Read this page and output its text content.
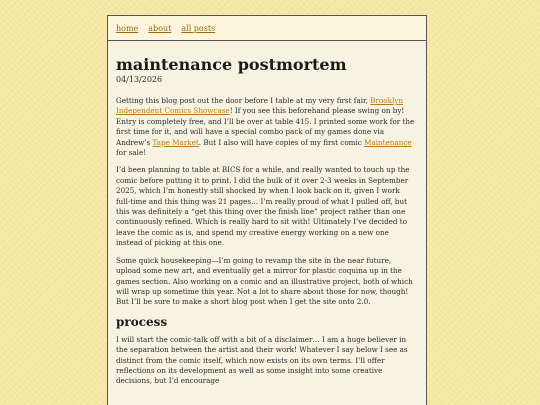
home about all posts
maintenance postmortem
04/13/2026

Getting this blog post out the door before I table at my very first fair, Brooklyn Independent Comics Showcase! If you see this beforehand please swing on by! Entry is completely free, and I’ll be over at table 415. I printed some work for the first time for it, and will have a special combo pack of my games done via Andrew’s Tape Market. But I also will have copies of my first comic Maintenance for sale!

I’d been planning to table at BICS for a while, and really wanted to touch up the comic before putting it to print. I did the bulk of it over 2-3 weeks in September 2025, which I’m honestly still shocked by when I look back on it, given I work full-time and this thing was 21 pages… I’m really proud of what I pulled off, but this was definitely a “get this thing over the finish line” project rather than one continuously refined. Which is really hard to sit with! Ultimately I’ve decided to leave the comic as is, and spend my creative energy working on a new one instead of picking at this one.

Some quick housekeeping—I’m going to revamp the site in the near future, upload some new art, and eventually get a mirror for plastic coquina up in the games section. Also working on a comic and an illustrative project, both of which will wrap up sometime this year. Not a lot to share about those for now, though! But I’ll be sure to make a short blog post when I get the site onto 2.0.

process

I will start the comic-talk off with a bit of a disclaimer… I am a huge believer in the separation between the artist and their work! Whatever I say below I see as distinct from the comic itself, which now exists on its own terms. I’ll offer reflections on its development as well as some insight into some creative decisions, but I’d encourage
